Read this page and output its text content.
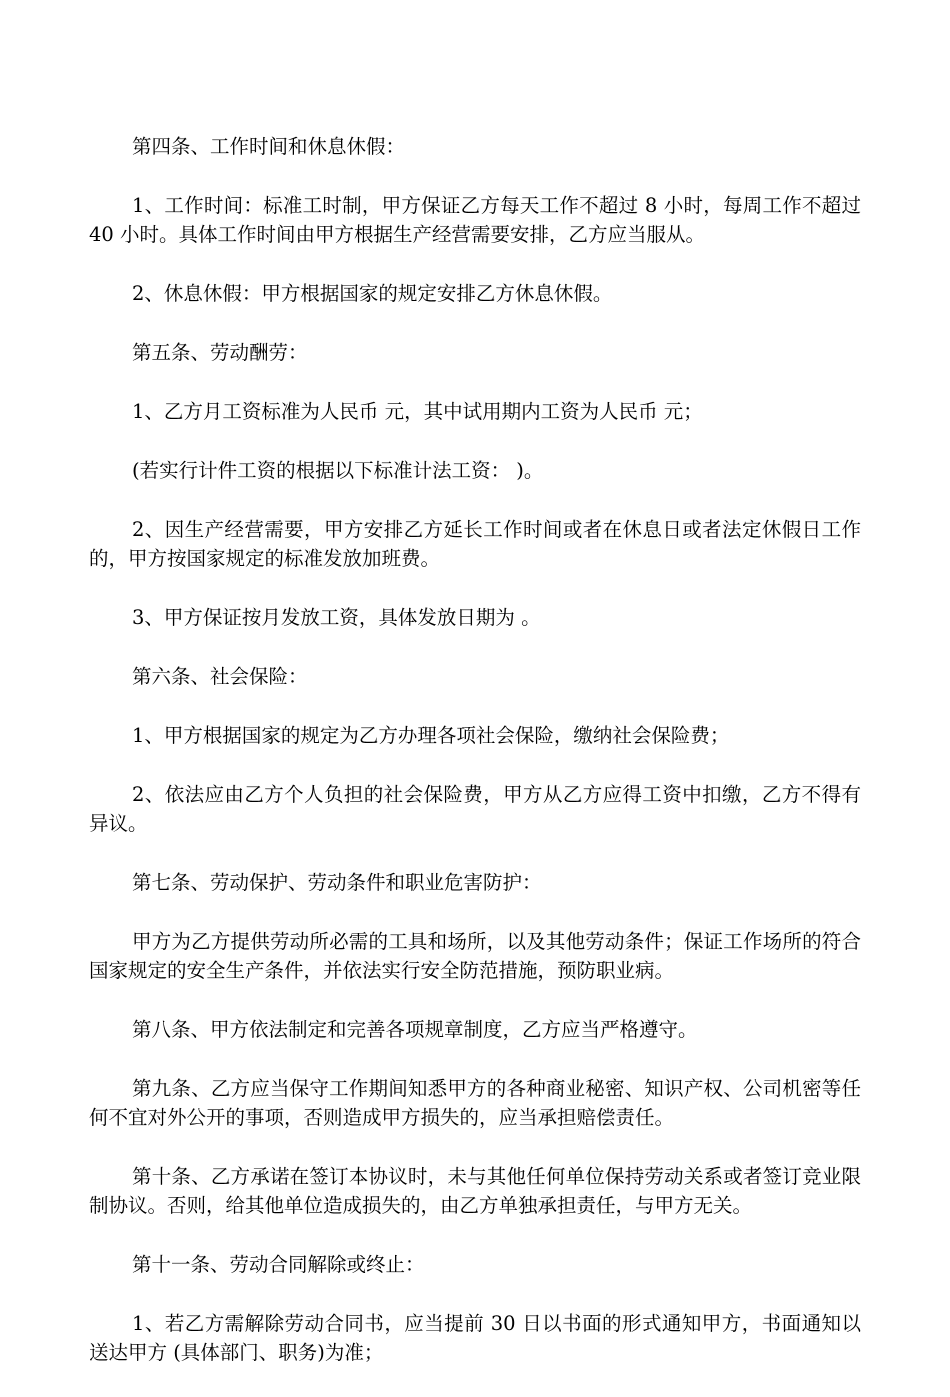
第四条、工作时间和休息休假：

1、工作时间：标准工时制，甲方保证乙方每天工作不超过 8 小时，每周工作不超过 40 小时。具体工作时间由甲方根据生产经营需要安排，乙方应当服从。

2、休息休假：甲方根据国家的规定安排乙方休息休假。

第五条、劳动酬劳：

1、乙方月工资标准为人民币 元，其中试用期内工资为人民币 元；

(若实行计件工资的根据以下标准计法工资： )。

2、因生产经营需要，甲方安排乙方延长工作时间或者在休息日或者法定休假日工作的，甲方按国家规定的标准发放加班费。

3、甲方保证按月发放工资，具体发放日期为 。

第六条、社会保险：

1、甲方根据国家的规定为乙方办理各项社会保险，缴纳社会保险费；

2、依法应由乙方个人负担的社会保险费，甲方从乙方应得工资中扣缴，乙方不得有异议。

第七条、劳动保护、劳动条件和职业危害防护：

甲方为乙方提供劳动所必需的工具和场所，以及其他劳动条件；保证工作场所的符合国家规定的安全生产条件，并依法实行安全防范措施，预防职业病。

第八条、甲方依法制定和完善各项规章制度，乙方应当严格遵守。

第九条、乙方应当保守工作期间知悉甲方的各种商业秘密、知识产权、公司机密等任何不宜对外公开的事项，否则造成甲方损失的，应当承担赔偿责任。

第十条、乙方承诺在签订本协议时，未与其他任何单位保持劳动关系或者签订竞业限制协议。否则，给其他单位造成损失的，由乙方单独承担责任，与甲方无关。

第十一条、劳动合同解除或终止：

1、若乙方需解除劳动合同书，应当提前 30 日以书面的形式通知甲方，书面通知以送达甲方 (具体部门、职务)为准；
